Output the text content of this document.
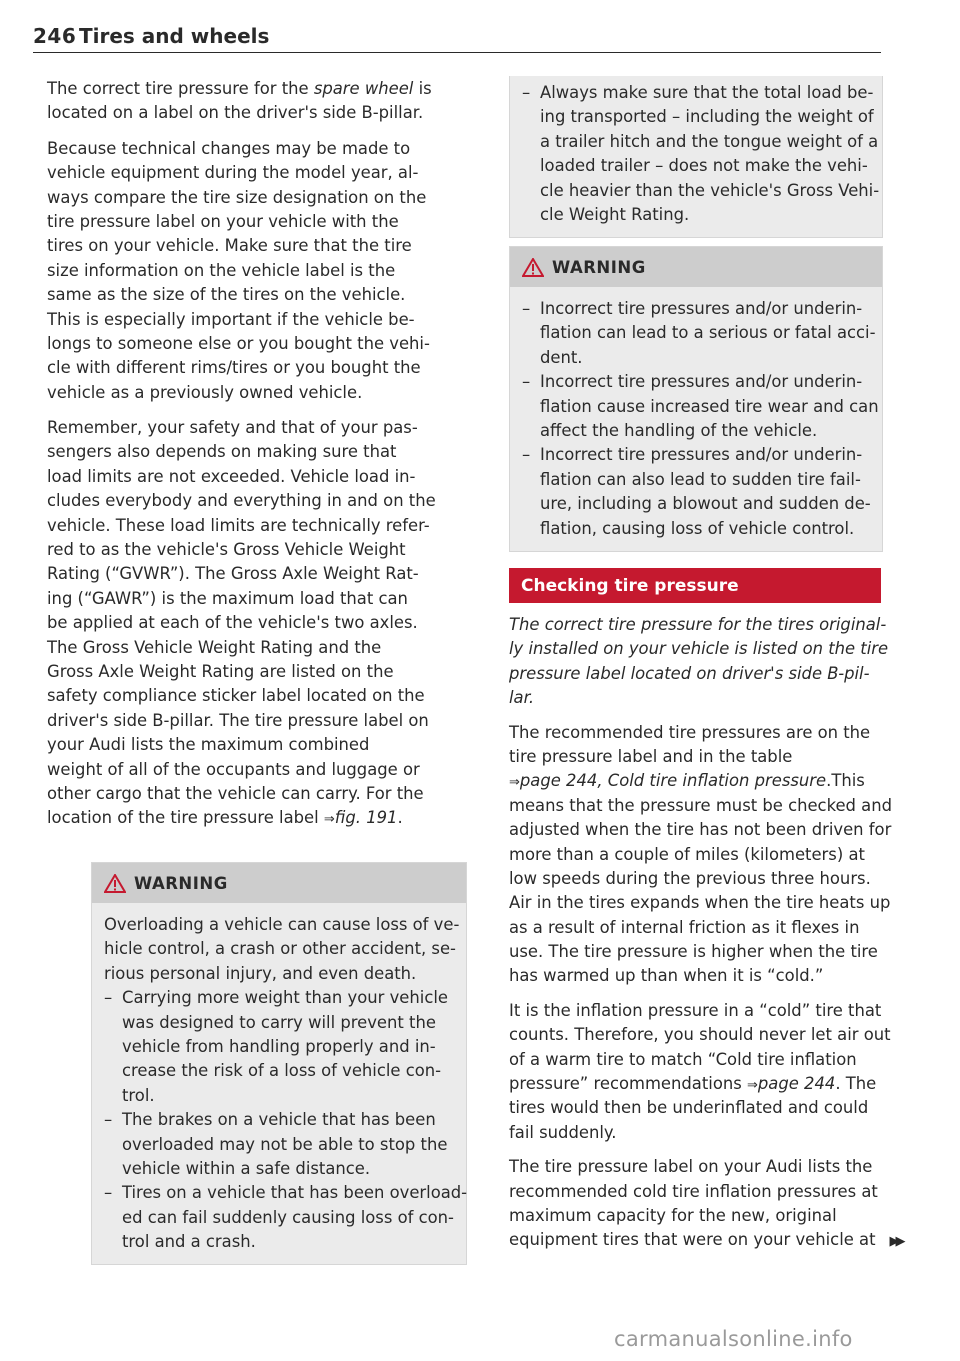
246 Tires and wheels

The correct tire pressure for the spare wheel is
located on a label on the driver's side B-pillar.

Because technical changes may be made to
vehicle equipment during the model year, al-
ways compare the tire size designation on the
tire pressure label on your vehicle with the
tires on your vehicle. Make sure that the tire
size information on the vehicle label is the
same as the size of the tires on the vehicle.
This is especially important if the vehicle be-
longs to someone else or you bought the vehi-
cle with different rims/tires or you bought the
vehicle as a previously owned vehicle.

Remember, your safety and that of your pas-
sengers also depends on making sure that
load limits are not exceeded. Vehicle load in-
cludes everybody and everything in and on the
vehicle. These load limits are technically refer-
red to as the vehicle's Gross Vehicle Weight
Rating (“GVWR”). The Gross Axle Weight Rat-
ing (“GAWR”) is the maximum load that can
be applied at each of the vehicle's two axles.
The Gross Vehicle Weight Rating and the
Gross Axle Weight Rating are listed on the
safety compliance sticker label located on the
driver's side B-pillar. The tire pressure label on
your Audi lists the maximum combined
weight of all of the occupants and luggage or
other cargo that the vehicle can carry. For the
location of the tire pressure label ⇒fig. 191.

WARNING
Overloading a vehicle can cause loss of ve-
hicle control, a crash or other accident, se-
rious personal injury, and even death.
– Carrying more weight than your vehicle
was designed to carry will prevent the
vehicle from handling properly and in-
crease the risk of a loss of vehicle con-
trol.
– The brakes on a vehicle that has been
overloaded may not be able to stop the
vehicle within a safe distance.
– Tires on a vehicle that has been overload-
ed can fail suddenly causing loss of con-
trol and a crash.
– Always make sure that the total load be-
ing transported – including the weight of
a trailer hitch and the tongue weight of a
loaded trailer – does not make the vehi-
cle heavier than the vehicle's Gross Vehi-
cle Weight Rating.
WARNING
– Incorrect tire pressures and/or underin-
flation can lead to a serious or fatal acci-
dent.
– Incorrect tire pressures and/or underin-
flation cause increased tire wear and can
affect the handling of the vehicle.
– Incorrect tire pressures and/or underin-
flation can also lead to sudden tire fail-
ure, including a blowout and sudden de-
flation, causing loss of vehicle control.
Checking tire pressure

The correct tire pressure for the tires original-
ly installed on your vehicle is listed on the tire
pressure label located on driver's side B-pil-
lar.

The recommended tire pressures are on the
tire pressure label and in the table
⇒page 244, Cold tire inflation pressure.This
means that the pressure must be checked and
adjusted when the tire has not been driven for
more than a couple of miles (kilometers) at
low speeds during the previous three hours.
Air in the tires expands when the tire heats up
as a result of internal friction as it flexes in
use. The tire pressure is higher when the tire
has warmed up than when it is “cold.”

It is the inflation pressure in a “cold” tire that
counts. Therefore, you should never let air out
of a warm tire to match “Cold tire inflation
pressure” recommendations ⇒page 244. The
tires would then be underinflated and could
fail suddenly.

The tire pressure label on your Audi lists the
recommended cold tire inflation pressures at
maximum capacity for the new, original
equipment tires that were on your vehicle at ▶▶

carmanualsonline.info
